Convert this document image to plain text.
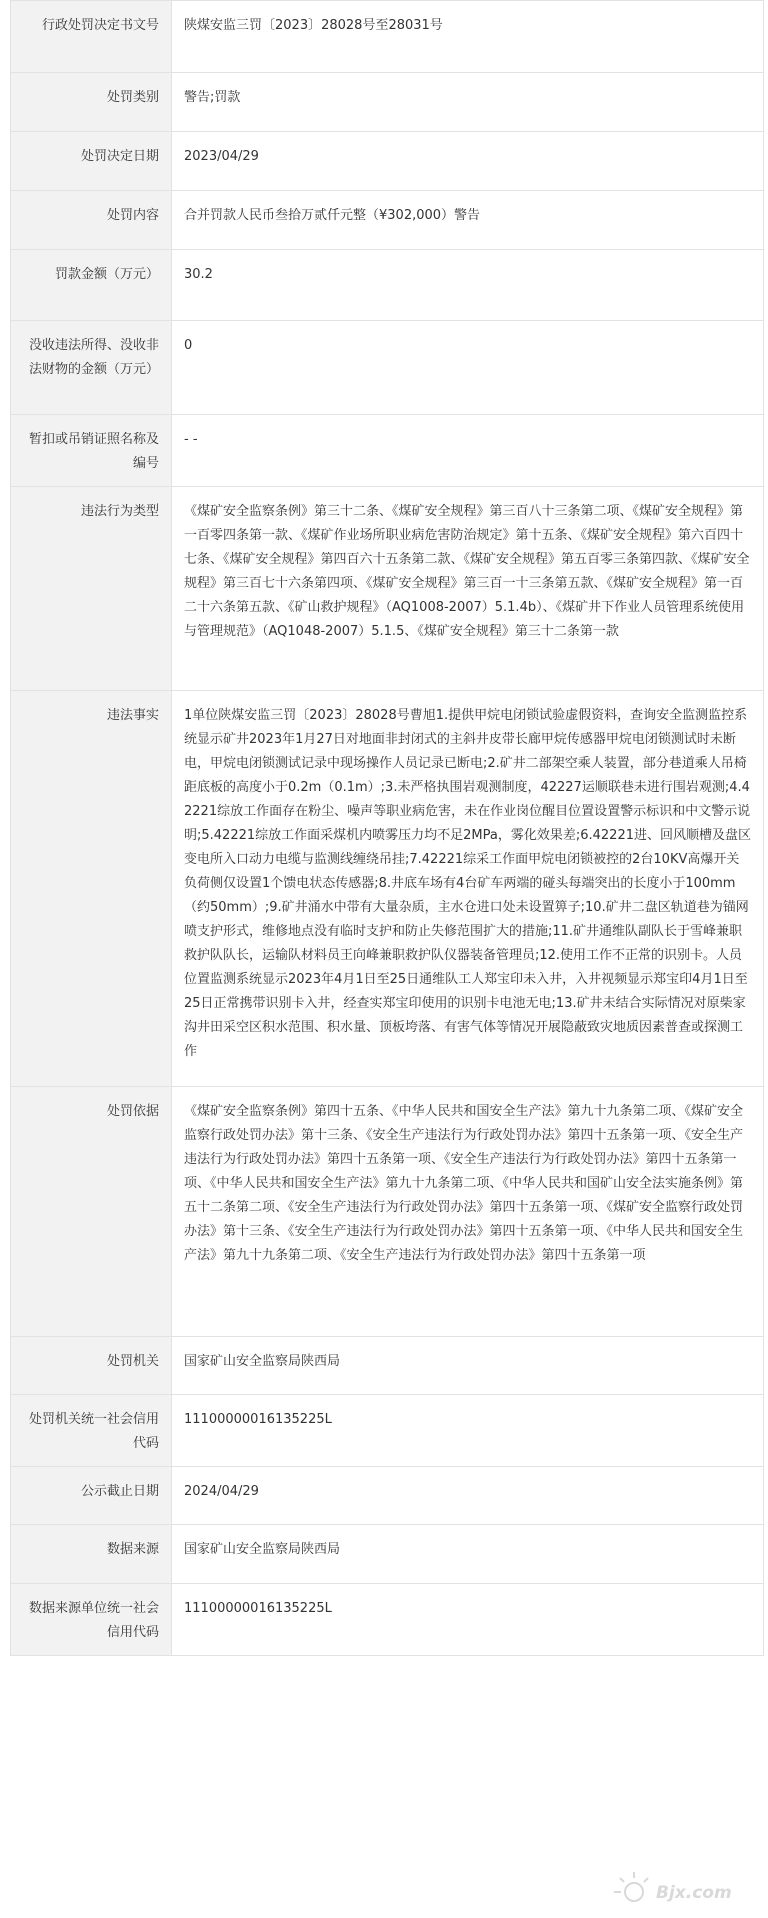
行政处罚决定书文号	陕煤安监三罚〔2023〕28028号至28031号
处罚类别	警告;罚款
处罚决定日期	2023/04/29
处罚内容	合并罚款人民币叁拾万贰仟元整（¥302,000）警告
罚款金额（万元）	30.2
没收违法所得、没收非法财物的金额（万元）	0
暂扣或吊销证照名称及编号	- -
违法行为类型	《煤矿安全监察条例》第三十二条、《煤矿安全规程》第三百八十三条第二项、《煤矿安全规程》第一百零四条第一款、《煤矿作业场所职业病危害防治规定》第十五条、《煤矿安全规程》第六百四十七条、《煤矿安全规程》第四百六十五条第二款、《煤矿安全规程》第五百零三条第四款、《煤矿安全规程》第三百七十六条第四项、《煤矿安全规程》第三百一十三条第五款、《煤矿安全规程》第一百二十六条第五款、《矿山救护规程》（AQ1008-2007）5.1.4b）、《煤矿井下作业人员管理系统使用与管理规范》（AQ1048-2007）5.1.5、《煤矿安全规程》第三十二条第一款
违法事实	1单位陕煤安监三罚〔2023〕28028号曹旭1.提供甲烷电闭锁试验虚假资料，查询安全监测监控系统显示矿井2023年1月27日对地面非封闭式的主斜井皮带长廊甲烷传感器甲烷电闭锁测试时未断电，甲烷电闭锁测试记录中现场操作人员记录已断电;2.矿井二部架空乘人装置，部分巷道乘人吊椅距底板的高度小于0.2m（0.1m）;3.未严格执围岩观测制度，42227运顺联巷未进行围岩观测;4.42221综放工作面存在粉尘、噪声等职业病危害，未在作业岗位醒目位置设置警示标识和中文警示说明;5.42221综放工作面采煤机内喷雾压力均不足2MPa，雾化效果差;6.42221进、回风顺槽及盘区变电所入口动力电缆与监测线缠绕吊挂;7.42221综采工作面甲烷电闭锁被控的2台10KV高爆开关负荷侧仅设置1个馈电状态传感器;8.井底车场有4台矿车两端的碰头每端突出的长度小于100mm（约50mm）;9.矿井涌水中带有大量杂质，主水仓进口处未设置箅子;10.矿井二盘区轨道巷为锚网喷支护形式，维修地点没有临时支护和防止失修范围扩大的措施;11.矿井通维队副队长于雪峰兼职救护队队长，运输队材料员王向峰兼职救护队仪器装备管理员;12.使用工作不正常的识别卡。人员位置监测系统显示2023年4月1日至25日通维队工人郑宝印未入井，入井视频显示郑宝印4月1日至25日正常携带识别卡入井，经查实郑宝印使用的识别卡电池无电;13.矿井未结合实际情况对原柴家沟井田采空区积水范围、积水量、顶板垮落、有害气体等情况开展隐蔽致灾地质因素普查或探测工作
处罚依据	《煤矿安全监察条例》第四十五条、《中华人民共和国安全生产法》第九十九条第二项、《煤矿安全监察行政处罚办法》第十三条、《安全生产违法行为行政处罚办法》第四十五条第一项、《安全生产违法行为行政处罚办法》第四十五条第一项、《安全生产违法行为行政处罚办法》第四十五条第一项、《中华人民共和国安全生产法》第九十九条第二项、《中华人民共和国矿山安全法实施条例》第五十二条第二项、《安全生产违法行为行政处罚办法》第四十五条第一项、《煤矿安全监察行政处罚办法》第十三条、《安全生产违法行为行政处罚办法》第四十五条第一项、《中华人民共和国安全生产法》第九十九条第二项、《安全生产违法行为行政处罚办法》第四十五条第一项
处罚机关	国家矿山安全监察局陕西局
处罚机关统一社会信用代码	11100000016135225L
公示截止日期	2024/04/29
数据来源	国家矿山安全监察局陕西局
数据来源单位统一社会信用代码	11100000016135225L
Bjx.com
